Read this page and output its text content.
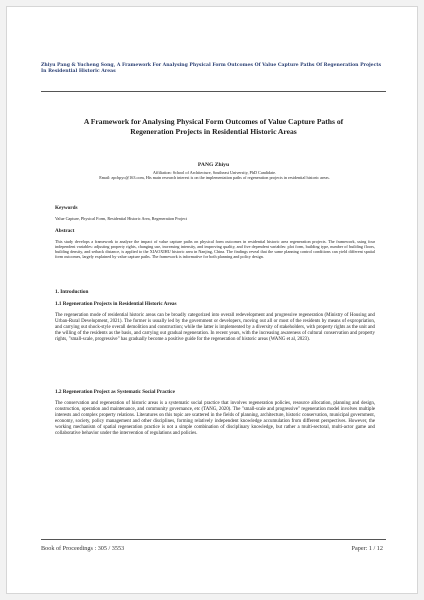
Zhiyu Pang & Yucheng Song, A Framework For Analysing Physical Form Outcomes Of Value Capture Paths Of Regeneration Projects In Residential Historic Areas
A Framework for Analysing Physical Form Outcomes of Value Capture Paths of Regeneration Projects in Residential Historic Areas
PANG Zhiyu
Affiliation: School of Architecture, Southeast University, PhD Candidate.
Email: zpchpyc@163.com, His main research interest is on the implementation paths of regeneration projects in residential historic areas.
Keywords
Value Capture, Physical Form, Residential Historic Area, Regeneration Project
Abstract
This study develops a framework to analyze the impact of value capture paths on physical form outcomes in residential historic area regeneration projects. The framework, using four independent variables: adjusting property rights, changing use, increasing intensity, and improving quality, and five dependent variables: plot form, building type, number of building floors, building density, and setback distance, is applied to the XIAOXIHU historic area in Nanjing, China. The findings reveal that the same planning control conditions can yield different spatial form outcomes, largely explained by value capture paths. The framework is informative for both planning and policy design.
1. Introduction
1.1 Regeneration Projects in Residential Historic Areas
The regeneration mode of residential historic areas can be broadly categorized into overall redevelopment and progressive regeneration (Ministry of Housing and Urban-Rural Development, 2021). The former is usually led by the government or developers, moving out all or most of the residents by means of expropriation, and carrying out shock-style overall demolition and construction; while the latter is implemented by a diversity of stakeholders, with property rights as the unit and the willing of the residents as the basis, and carrying out gradual regeneration. In recent years, with the increasing awareness of cultural conservation and property rights, "small-scale, progressive" has gradually become a positive guide for the regeneration of historic areas (WANG et al, 2023).
1.2 Regeneration Project as Systematic Social Practice
The conservation and regeneration of historic areas is a systematic social practice that involves regeneration policies, resource allocation, planning and design, construction, operation and maintenance, and community governance, etc (TANG, 2020). The "small-scale and progressive" regeneration model involves multiple interests and complex property relations. Literatures on this topic are scattered in the fields of planning, architecture, historic conservation, municipal government, economy, society, policy management and other disciplines, forming relatively independent knowledge accumulation from different perspectives. However, the working mechanism of spatial regeneration practice is not a simple combination of disciplinary knowledge, but rather a multi-sectoral, multi-actor game and collaborative behavior under the intervention of regulations and policies.
Book of Proceedings : 305 / 3553	Paper: 1 / 12
